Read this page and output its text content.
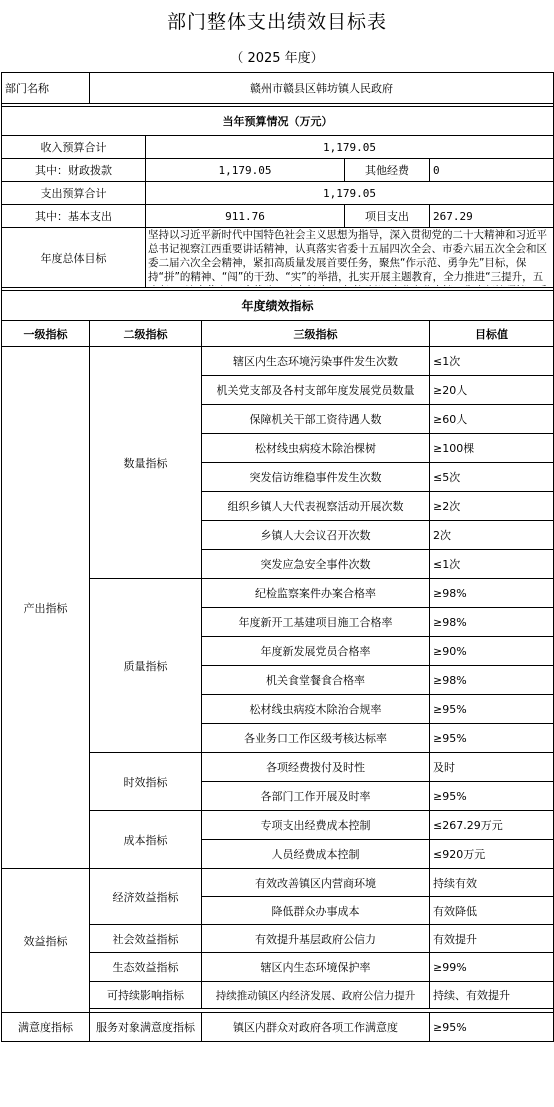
部门整体支出绩效目标表
（ 2025 年度）
部门名称	赣州市赣县区韩坊镇人民政府				

当年预算情况（万元）					
收入预算合计		1,179.05			
其中：财政拨款		1,179.05		其他经费	0
支出预算合计		1,179.05			
其中：基本支出		911.76		项目支出	267.29
年度总体目标		坚持以习近平新时代中国特色社会主义思想为指导，深入贯彻党的二十大精神和习近平总书记视察江西重要讲话精神，认真落实省委十五届四次全会、市委六届五次全会和区委二届六次全会精神，紧扣高质量发展首要任务，聚焦“作示范、勇争先”目标，保持“拼”的精神、“闯”的干劲、“实”的举措，扎实开展主题教育，全力推进“三提升，五			

年度绩效指标					
一级指标	二级指标		三级指标		目标值
产出指标	数量指标		辖区内生态环境污染事件发生次数		≤1次
			机关党支部及各村支部年度发展党员数量		≥20人
			保障机关干部工资待遇人数		≥60人
			松材线虫病疫木除治棵树		≥100棵
			突发信访维稳事件发生次数		≤5次
			组织乡镇人大代表视察活动开展次数		≥2次
			乡镇人大会议召开次数		2次
			突发应急安全事件次数		≤1次
	质量指标		纪检监察案件办案合格率		≥98%
			年度新开工基建项目施工合格率		≥98%
			年度新发展党员合格率		≥90%
			机关食堂餐食合格率		≥98%
			松材线虫病疫木除治合规率		≥95%
			各业务口工作区级考核达标率		≥95%
	时效指标		各项经费拨付及时性		及时
			各部门工作开展及时率		≥95%
	成本指标		专项支出经费成本控制		≤267.29万元
			人员经费成本控制		≤920万元
效益指标	经济效益指标		有效改善镇区内营商环境		持续有效
			降低群众办事成本		有效降低
	社会效益指标		有效提升基层政府公信力		有效提升
	生态效益指标		辖区内生态环境保护率		≥99%
	可持续影响指标		持续推动镇区内经济发展、政府公信力提升		持续、有效提升

满意度指标	服务对象满意度指标		镇区内群众对政府各项工作满意度		≥95%
